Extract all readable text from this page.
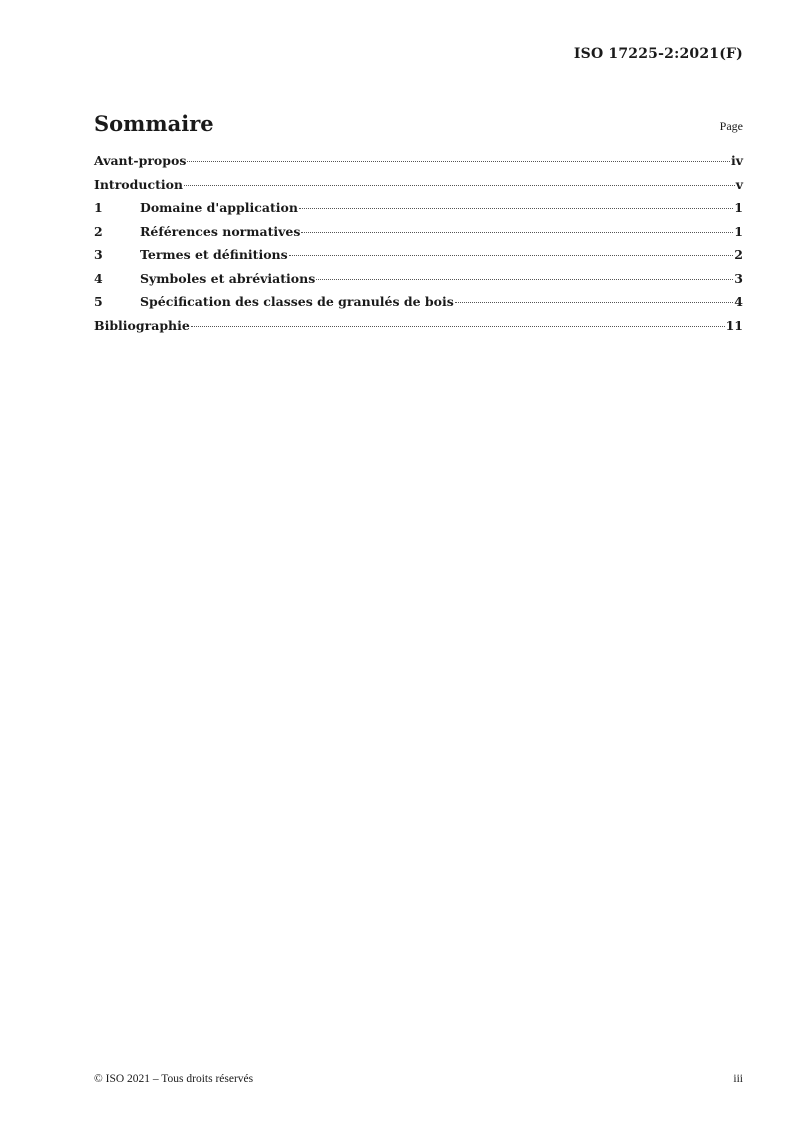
ISO 17225-2:2021(F)
Sommaire	Page
Avant-propos	iv
Introduction	v
1	Domaine d'application	1
2	Références normatives	1
3	Termes et définitions	2
4	Symboles et abréviations	3
5	Spécification des classes de granulés de bois	4
Bibliographie	11
© ISO 2021 – Tous droits réservés	iii
